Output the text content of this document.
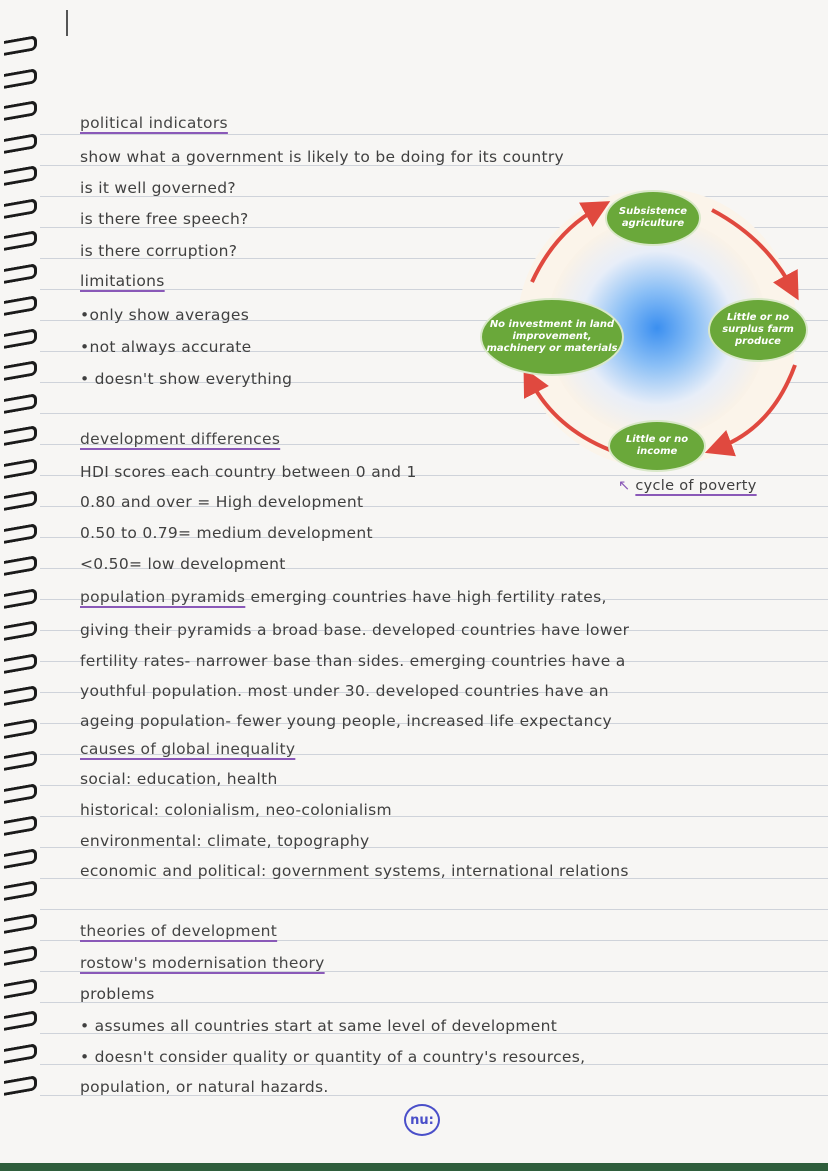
political indicators
show what a government is likely to be doing for its country
is it well governed?
is there free speech?
is there corruption?
limitations
•only show averages
•not always accurate
• doesn't show everything
development differences
HDI scores each country between 0 and 1
0.80 and over = High development
0.50 to 0.79= medium development
<0.50= low development
population pyramids emerging countries have high fertility rates,
giving their pyramids a broad base. developed countries have lower
fertility rates- narrower base than sides. emerging countries have a
youthful population. most under 30. developed countries have an
ageing population- fewer young people, increased life expectancy
causes of global inequality
social: education, health
historical: colonialism, neo-colonialism
environmental: climate, topography
economic and political: government systems, international relations
theories of development
rostow's modernisation theory
problems
• assumes all countries start at same level of development
• doesn't consider quality or quantity of a country's resources,
population, or natural hazards.
Subsistence agriculture
Little or no surplus farm produce
Little or no income
No investment in land improvement, machinery or materials
↖ cycle of poverty
nu:
